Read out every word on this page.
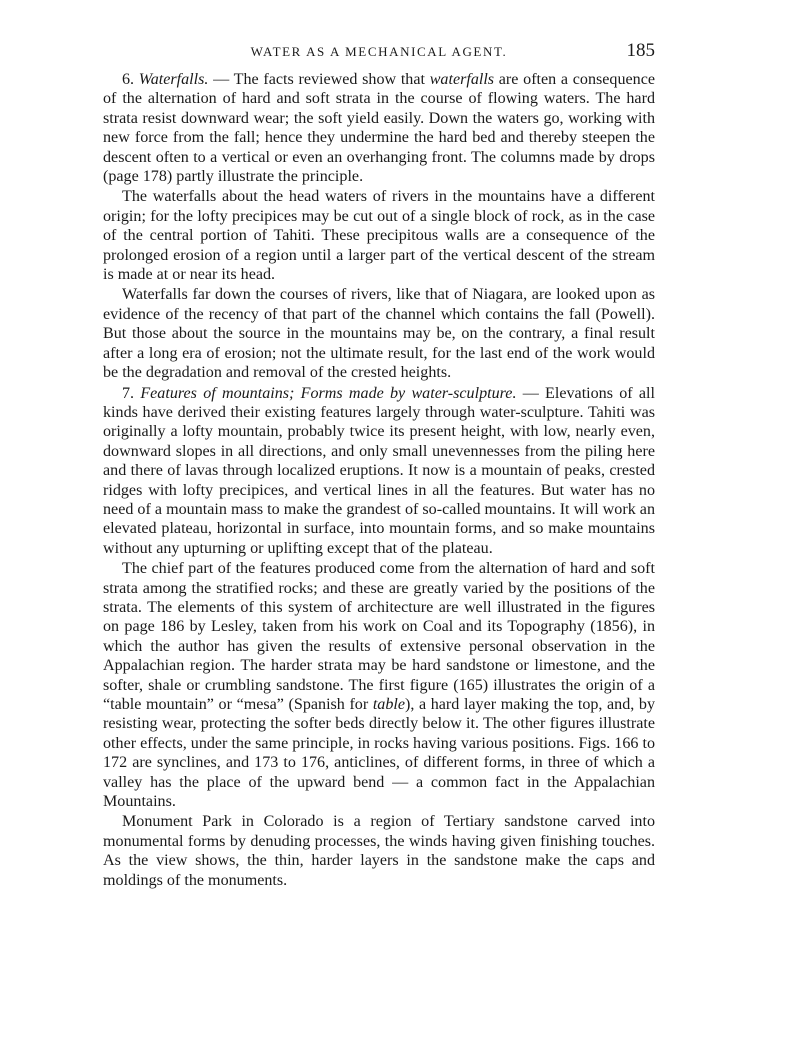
WATER AS A MECHANICAL AGENT.	185

6. Waterfalls. — The facts reviewed show that waterfalls are often a consequence of the alternation of hard and soft strata in the course of flowing waters. The hard strata resist downward wear; the soft yield easily. Down the waters go, working with new force from the fall; hence they undermine the hard bed and thereby steepen the descent often to a vertical or even an overhanging front. The columns made by drops (page 178) partly illustrate the principle.

The waterfalls about the head waters of rivers in the mountains have a different origin; for the lofty precipices may be cut out of a single block of rock, as in the case of the central portion of Tahiti. These precipitous walls are a consequence of the prolonged erosion of a region until a larger part of the vertical descent of the stream is made at or near its head.

Waterfalls far down the courses of rivers, like that of Niagara, are looked upon as evidence of the recency of that part of the channel which contains the fall (Powell). But those about the source in the mountains may be, on the contrary, a final result after a long era of erosion; not the ultimate result, for the last end of the work would be the degradation and removal of the crested heights.

7. Features of mountains; Forms made by water-sculpture. — Elevations of all kinds have derived their existing features largely through water-sculpture. Tahiti was originally a lofty mountain, probably twice its present height, with low, nearly even, downward slopes in all directions, and only small unevennesses from the piling here and there of lavas through localized eruptions. It now is a mountain of peaks, crested ridges with lofty precipices, and vertical lines in all the features. But water has no need of a mountain mass to make the grandest of so-called mountains. It will work an elevated plateau, horizontal in surface, into mountain forms, and so make mountains without any upturning or uplifting except that of the plateau.

The chief part of the features produced come from the alternation of hard and soft strata among the stratified rocks; and these are greatly varied by the positions of the strata. The elements of this system of architecture are well illustrated in the figures on page 186 by Lesley, taken from his work on Coal and its Topography (1856), in which the author has given the results of extensive personal observation in the Appalachian region. The harder strata may be hard sandstone or limestone, and the softer, shale or crumbling sandstone. The first figure (165) illustrates the origin of a “table mountain” or “mesa” (Spanish for table), a hard layer making the top, and, by resisting wear, protecting the softer beds directly below it. The other figures illustrate other effects, under the same principle, in rocks having various positions. Figs. 166 to 172 are synclines, and 173 to 176, anticlines, of different forms, in three of which a valley has the place of the upward bend — a common fact in the Appalachian Mountains.

Monument Park in Colorado is a region of Tertiary sandstone carved into monumental forms by denuding processes, the winds having given finishing touches. As the view shows, the thin, harder layers in the sandstone make the caps and moldings of the monuments.
